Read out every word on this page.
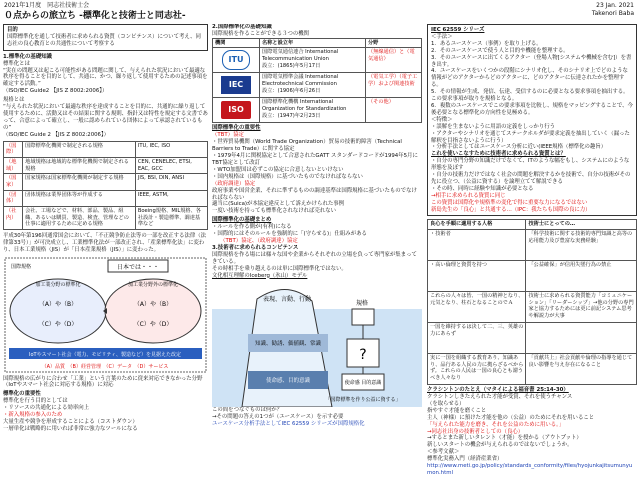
2021年1月度　同志社技術士会
０点からの旅立ち -標準化と技術士と同志社-
23 Jan. 2021
Takenori Baba
目的
国際標準化を通して技術者に求められる資質（コンピテンス）について考え、同志社の良心教育との共通性について考察する
1.標準化の基礎知識
標準化とは
“実在の問題又は起こる可能性がある問題に関して、与えられた状況において最適な秩序を得ることを目的として、共通に、かつ、繰り返して使用するための記述事項を確定する活動。”
（ISO/IEC Guide2 【JIS Z 8002:2006】）
規格とは
“与えられた状況において最適な秩序を達成することを目的に、共通的に繰り返して使用するために、活動又はその結果に関する規則、指針又は特性を規定する文書であって、合意によって確立し、一般に認められている団体によって承認されているもの”
（ISO/IEC Guide 2 【JIS Z 8002:2006】）
（国際）	国際標準化機関で制定される規格	ITU, IEC, ISO
（地域）	地域規格は地域的な標準化機関で制定される規格	CEN, CENELEC, ETSI, EAC, GCC
（国家）	国家規格は国家標準化機関が制定する規格	JIS, BSI, DIN, ANSI
（団体）	団体規格は業界団体等が作成する	IEEE, ASTM,
（社内）	会社、工場などで、材料、部品、製品、組織、あるいは購買、製造、検査、管理などの仕事に適用するために定める規格	Boeing規格、MIL規格、各社設計・製造標準、調達基準など
平成30年第196回通常国会において、「不正競争防止法等の一部を改正する法律（法律第33号）」が可決成立し、工業標準化法が一部改正され、「産業標準化法」に変わり、日本工業規格（JIS）が「日本産業規格（JIS）」に変わった。
日本では・・・
国際規格
加工業分野の標準化	加工業分野外の標準化
（A）や（B）	（A）や（B）
（C）や（D）	（C）や（D）
IoTやスマート社会（電力、モビリティ、製造など）を見据えた改定
（A）品質　（B）経営管理　（C）データ　（D）サービス
国際規格の広がりに合わせ「工業」という言葉のために従来対応できなかった分野（IoTやスマート社会に対応する規格）に対応
標準化の重要性
標準化を行う目的としては
・リソースの共通化による効率向上
・新入規格の参入のため
大量生産や競争を形成することによる（コストダウン）
一層単化は戦略的に用いれば非常に強力なツールになる
2.国際標準化の基礎知識
国際規格を作ることができる３つの機関
機関	名称と設立年	分野
ITU	国際電気通信連合 International Telecommunication Union
設立：(1865)年5月17日	（無線通信）と（電気通信）
IEC	国際電気標準会議 International Electrotechnical Commission
設立：(1906)年6月26日	（電気工学）（電子工学）および関連技術
ISO	国際標準化機構 International Organization for Standardization
設立：(1947)年2月23日	（その他）
国際標準化の重要性
（TBT）協定
・世界貿易機関（World Trade Organization）貿易の技術的障害（Technical Barriers to Trade）に関する協定
・1979年4月に関税協定として合意されたGATT スタンダードコードが1994年5月にTBT協定として改訂
・WTO加盟国は必ずこの協定に合意しないといけない
・国内規格は（国際規格）に基づいたものでなければならない
（政府調達）協定
政府事業や国営企業、それに準ずるものの調達基準は国際規格に基づいたものでなければならない
適当に(Suica)が本協定違反として訴えかけられた事例
一度い技術を持っても標準化されなければ売れない
国際標準化の基礎まとめ
・ルールを作る側が(有利)になる
・国際的にはそのルールを強制的に「(守らせる)」仕組みがある
　　（TBT）協定、（政府調達）協定
3.技術者に求められるコンピテンス
国際規格を作る場には様々な国や企業からそれぞれの立場を負って専門家が集まってきている。
その時相手を乗り越えるのは単に国際標準化ではない。
文化相互理解のIceberg（氷山）モデル
表現、言動、行動
知識、勧誘、価値観、常識
使命感、目的意識
規格
?
使命感 目的意識
「国際標準を作り公益に資する」
この間をつなぐものは何か？
→その問題の答えの1つが（ユースケース）を示す必要
ユースケース分析手法としてIEC 62559 シリーズが国際規格化
IEC 62559 シリーズ
＜手法＞
1．あるユースケース（事例）を取り上げる。
2．そのユースケースで使う人と目的や機能を整理する。
3．そのユースケースに出てくるアクター（登場人物[システムや機械を含む]）を書き出す。
4．ユースケースをいくつかの段階にシナリオ化し、そのシナリオ上でどのような情報がどのアクターからどのアクターに、どのアクターに伝達されたかを整理する。
5．その情報が生成、発信、伝達、受信するのに必要となる要求事項を抽出する。この要求事項が取りを規格となる。
6．複数のユースケースでこの要求事項を比較し、規格をマッピングすることで、今後必要となる標準化の方向性を見極める。
＜特徴＞
・誤解を生まないように用語の定義をしっかり行う
・アクターやシナリオを通じてステークホルダが要求定義を抽出していく（漏った解釈を目指さないように行う）
・分析手法としてはユースケース分析に近い(IEEE規格（標準化の趣旨）
これを使いこなすために技術者に求められる資質とは？
・自分の専門分野の知識だけでなくて、ITのような幅をもし、システムにのような形態を及ぼす
・自分の技術力だけではなく社会の問題を解決するかを技術で、自分の技術がその先に役立つ、（公益に資する）を論理立てて解説できる
・その時、同時に経験や知識が必要となる
→相手に求められる資質に同じ
この資質は国際化や規格準の変化で得に重要な力になるではない
新島先生の「良心」と共通する…（IPC：我たちも国際の良に力）
良心を手順に適用する人格	技術士にとっての…
・技術者	「科学技術に関する技術的専門知識と高等の応用能力及び豊富な実務経験」
・高い倫理と資質を持つ	「公益確保」が信用失墜行為の禁止
これらの人々は皆、一国の精神となり、元気となり、柱石となることのでＡ	技術士に求められる資質能力「コミュニケーション」「リーダーシップ」→他の分野の専門家と協力するためには更に前記システム思考や解説力が大事
一国を維持するは決して二、三、英雄の力にあらず	
実に一国を組織する教育あり、知識あり、品行ある人民の力に拠らざるべからず。これらの人民は一国の良心とも謂うべき人々なり	「貢献共上」社会貢献や倫理の指導を通じて良い影響を与え存在になること
クラシントンのたとえ（マタイによる福音書 25:14-30）
クラシトンしきたえられた才能が受賞、それを使うチャンス
（を取らせる）
指やすぐ才能を磨くこと
主人（神様）に預けた才能を他の（公益）のためにそれを用いること
「与えられた能力を磨き、それを公益のために用いる。」
→同志社出身の技術者としての（良心）
→するとまた新しいタレント（才能）を授かる（アウトプット）
新しいスタートの機会が与えられるのではないでしょうか。
＜参考文献＞
標準化実務入門（経済産業省）
http://www.meti.go.jp/policy/standards_conformity/files/hyojunkajitsumunyumon.html
